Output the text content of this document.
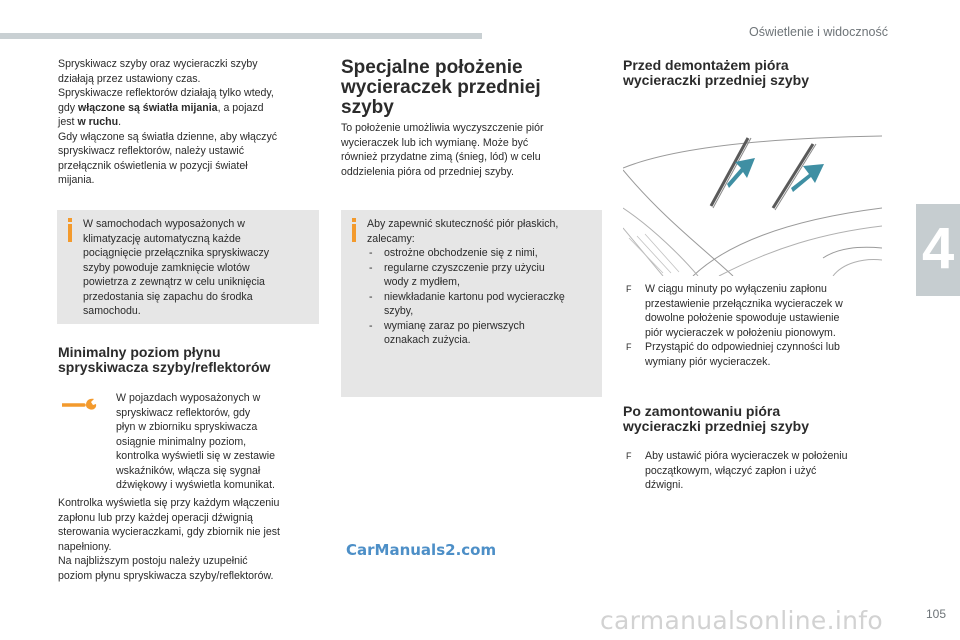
Oświetlenie i widoczność
4

Spryskiwacz szyby oraz wycieraczki szyby

działają przez ustawiony czas.

Spryskiwacze reflektorów działają tylko wtedy,

gdy włączone są światła mijania, a pojazd

jest w ruchu.

Gdy włączone są światła dzienne, aby włączyć

spryskiwacz reflektorów, należy ustawić

przełącznik oświetlenia w pozycji świateł

mijania.

W samochodach wyposażonych w

klimatyzację automatyczną każde

pociągnięcie przełącznika spryskiwaczy

szyby powoduje zamknięcie wlotów

powietrza z zewnątrz w celu uniknięcia

przedostania się zapachu do środka

samochodu.

Minimalny poziom płynu
spryskiwacza szyby/reflektorów

W pojazdach wyposażonych w

spryskiwacz reflektorów, gdy

płyn w zbiorniku spryskiwacza

osiągnie minimalny poziom,

kontrolka wyświetli się w zestawie

wskaźników, włącza się sygnał

dźwiękowy i wyświetla komunikat.

Kontrolka wyświetla się przy każdym włączeniu

zapłonu lub przy każdej operacji dźwignią

sterowania wycieraczkami, gdy zbiornik nie jest

napełniony.

Na najbliższym postoju należy uzupełnić

poziom płynu spryskiwacza szyby/reflektorów.

Specjalne położenie
wycieraczek przedniej
szyby

To położenie umożliwia wyczyszczenie piór

wycieraczek lub ich wymianę. Może być

również przydatne zimą (śnieg, lód) w celu

oddzielenia pióra od przedniej szyby.

Aby zapewnić skuteczność piór płaskich,

zalecamy:

- ostrożne obchodzenie się z nimi,
- regularne czyszczenie przy użyciu
wody z mydłem,
- niewkładanie kartonu pod wycieraczkę
szyby,
- wymianę zaraz po pierwszych
oznakach zużycia.
Przed demontażem pióra
wycieraczki przedniej szyby
F W ciągu minuty po wyłączeniu zapłonu
przestawienie przełącznika wycieraczek w
dowolne położenie spowoduje ustawienie
piór wycieraczek w położeniu pionowym.
F Przystąpić do odpowiedniej czynności lub
wymiany piór wycieraczek.
Po zamontowaniu pióra
wycieraczki przedniej szyby
F Aby ustawić pióra wycieraczek w położeniu
początkowym, włączyć zapłon i użyć
dźwigni.
CarManuals2.com
carmanualsonline.info	105
